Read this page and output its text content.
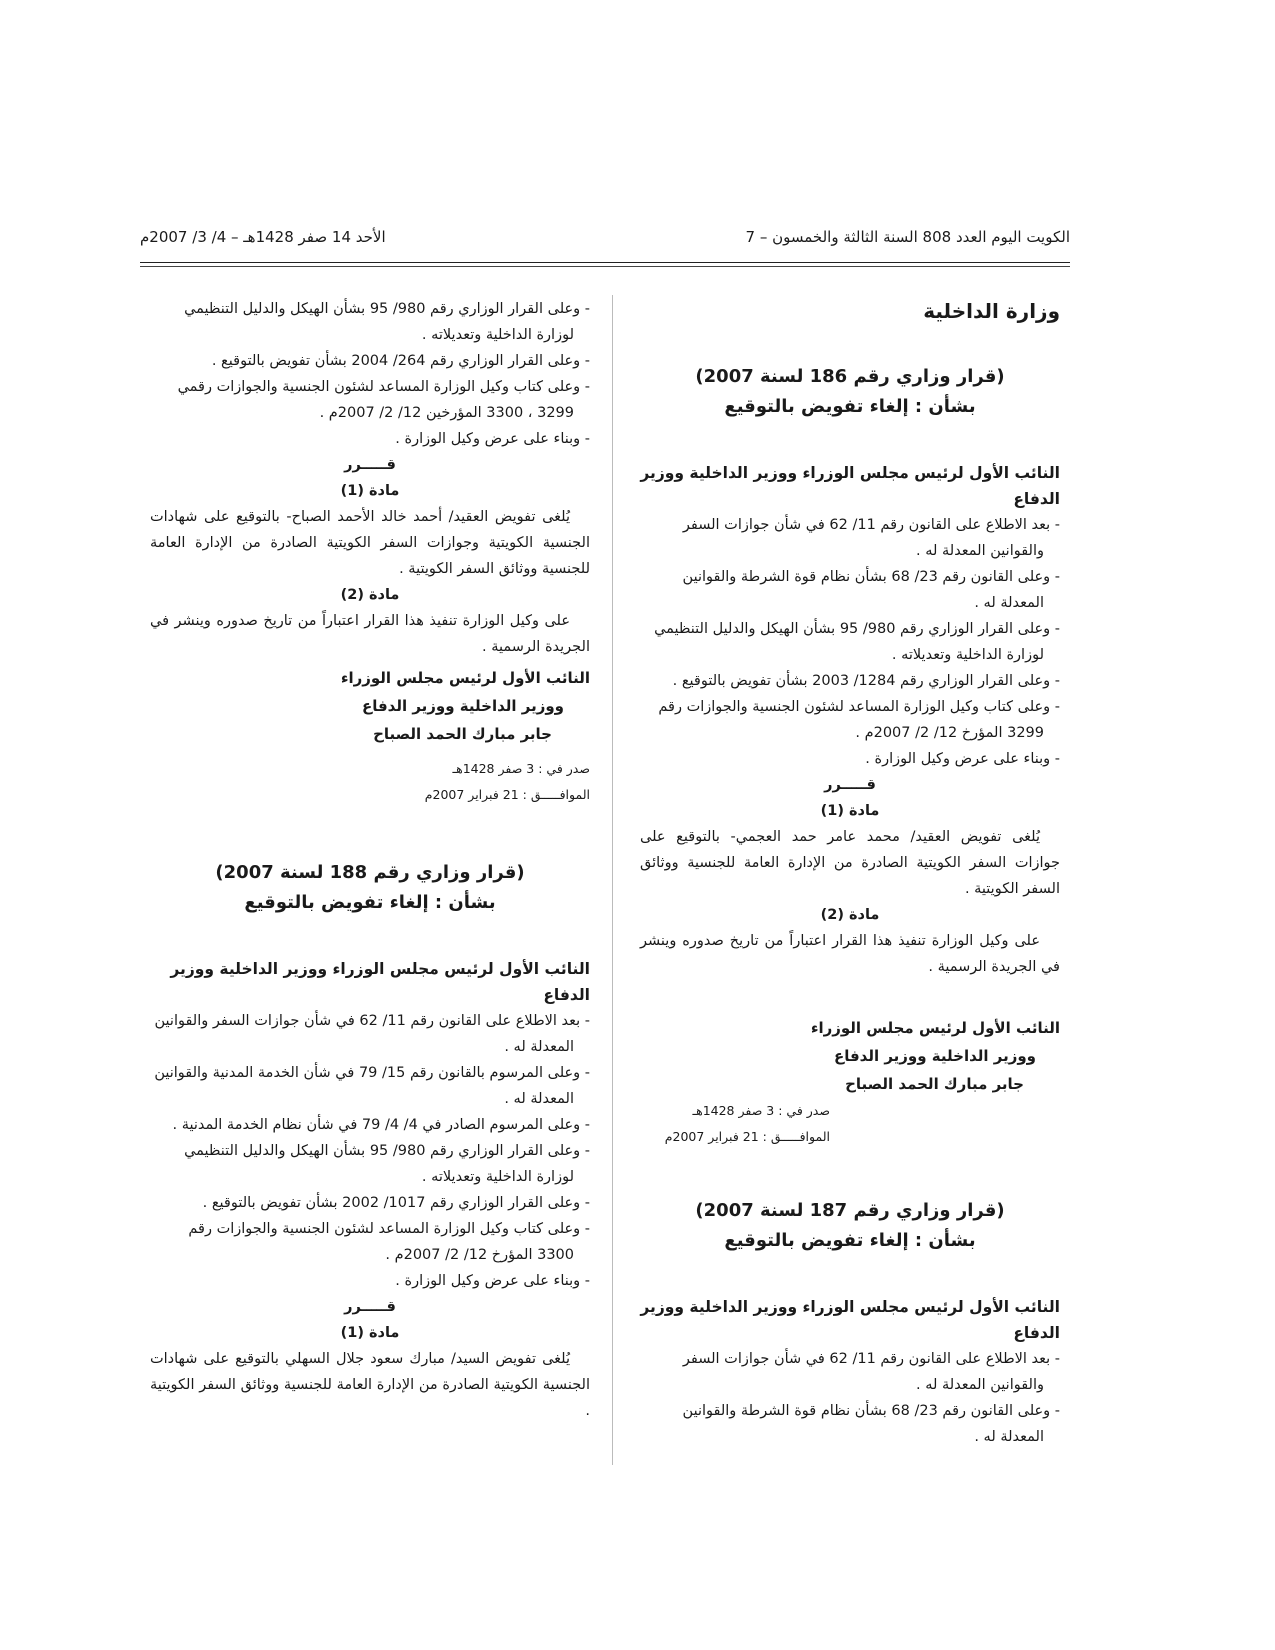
الكويت اليوم العدد 808 السنة الثالثة والخمسون – 7
الأحد 14 صفر 1428هـ – 4/ 3/ 2007م
وزارة الداخلية
(قرار وزاري رقم 186 لسنة 2007)
بشأن : إلغاء تفويض بالتوقيع
النائب الأول لرئيس مجلس الوزراء ووزير الداخلية ووزير الدفاع
- بعد الاطلاع على القانون رقم 11/ 62 في شأن جوازات السفر والقوانين المعدلة له .
- وعلى القانون رقم 23/ 68 بشأن نظام قوة الشرطة والقوانين المعدلة له .
- وعلى القرار الوزاري رقم 980/ 95 بشأن الهيكل والدليل التنظيمي لوزارة الداخلية وتعديلاته .
- وعلى القرار الوزاري رقم 1284/ 2003 بشأن تفويض بالتوقيع .
- وعلى كتاب وكيل الوزارة المساعد لشئون الجنسية والجوازات رقم 3299 المؤرخ 12/ 2/ 2007م .
- وبناء على عرض وكيل الوزارة .
قـــــرر
مادة (1)
يُلغى تفويض العقيد/ محمد عامر حمد العجمي- بالتوقيع على جوازات السفر الكويتية الصادرة من الإدارة العامة للجنسية ووثائق السفر الكويتية .
مادة (2)
على وكيل الوزارة تنفيذ هذا القرار اعتباراً من تاريخ صدوره وينشر في الجريدة الرسمية .
النائب الأول لرئيس مجلس الوزراء
ووزير الداخلية ووزير الدفاع
جابر مبارك الحمد الصباح
صدر في : 3 صفر 1428هـ
الموافـــــق : 21 فبراير 2007م
(قرار وزاري رقم 187 لسنة 2007)
بشأن : إلغاء تفويض بالتوقيع
النائب الأول لرئيس مجلس الوزراء ووزير الداخلية ووزير الدفاع
- بعد الاطلاع على القانون رقم 11/ 62 في شأن جوازات السفر والقوانين المعدلة له .
- وعلى القانون رقم 23/ 68 بشأن نظام قوة الشرطة والقوانين المعدلة له .
- وعلى القرار الوزاري رقم 980/ 95 بشأن الهيكل والدليل التنظيمي لوزارة الداخلية وتعديلاته .
- وعلى القرار الوزاري رقم 264/ 2004 بشأن تفويض بالتوقيع .
- وعلى كتاب وكيل الوزارة المساعد لشئون الجنسية والجوازات رقمي 3299 ، 3300 المؤرخين 12/ 2/ 2007م .
- وبناء على عرض وكيل الوزارة .
قـــــرر
مادة (1)
يُلغى تفويض العقيد/ أحمد خالد الأحمد الصباح- بالتوقيع على شهادات الجنسية الكويتية وجوازات السفر الكويتية الصادرة من الإدارة العامة للجنسية ووثائق السفر الكويتية .
مادة (2)
على وكيل الوزارة تنفيذ هذا القرار اعتباراً من تاريخ صدوره وينشر في الجريدة الرسمية .
النائب الأول لرئيس مجلس الوزراء
ووزير الداخلية ووزير الدفاع
جابر مبارك الحمد الصباح
صدر في : 3 صفر 1428هـ
الموافـــــق : 21 فبراير 2007م
(قرار وزاري رقم 188 لسنة 2007)
بشأن : إلغاء تفويض بالتوقيع
النائب الأول لرئيس مجلس الوزراء ووزير الداخلية ووزير الدفاع
- بعد الاطلاع على القانون رقم 11/ 62 في شأن جوازات السفر والقوانين المعدلة له .
- وعلى المرسوم بالقانون رقم 15/ 79 في شأن الخدمة المدنية والقوانين المعدلة له .
- وعلى المرسوم الصادر في 4/ 4/ 79 في شأن نظام الخدمة المدنية .
- وعلى القرار الوزاري رقم 980/ 95 بشأن الهيكل والدليل التنظيمي لوزارة الداخلية وتعديلاته .
- وعلى القرار الوزاري رقم 1017/ 2002 بشأن تفويض بالتوقيع .
- وعلى كتاب وكيل الوزارة المساعد لشئون الجنسية والجوازات رقم 3300 المؤرخ 12/ 2/ 2007م .
- وبناء على عرض وكيل الوزارة .
قـــــرر
مادة (1)
يُلغى تفويض السيد/ مبارك سعود جلال السهلي بالتوقيع على شهادات الجنسية الكويتية الصادرة من الإدارة العامة للجنسية ووثائق السفر الكويتية .
